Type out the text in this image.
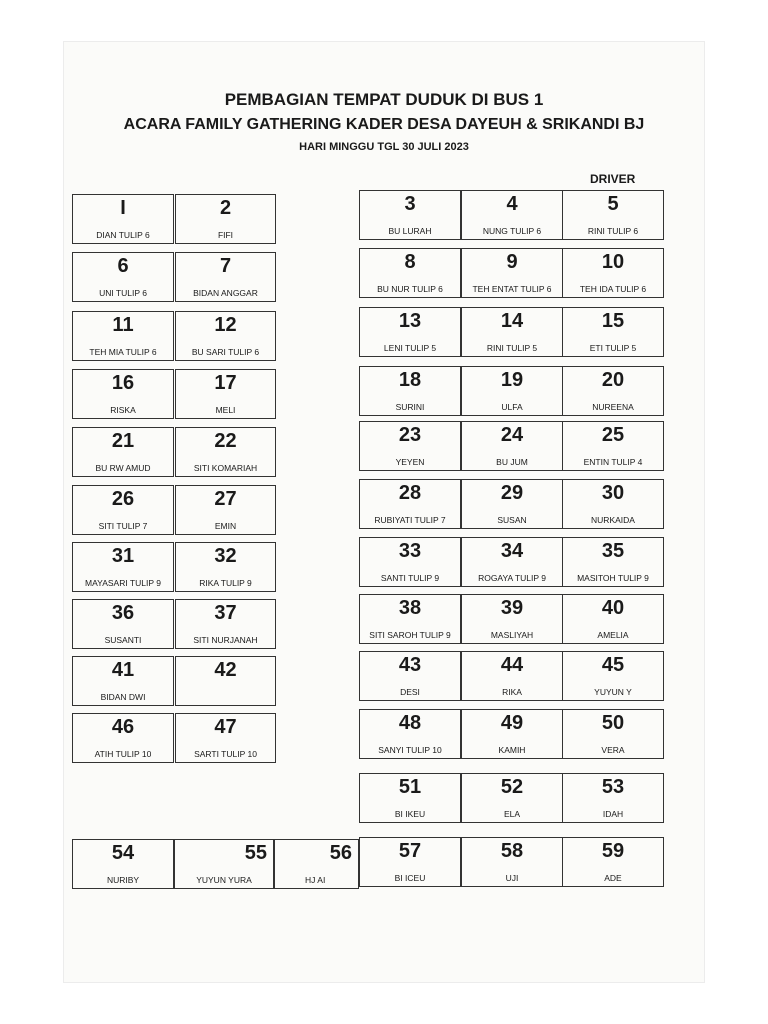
PEMBAGIAN TEMPAT DUDUK DI BUS 1
ACARA FAMILY GATHERING KADER DESA DAYEUH & SRIKANDI BJ
HARI MINGGU TGL 30 JULI 2023
DRIVER
I
DIAN TULIP 6
2
FIFI
3
BU LURAH
4
NUNG TULIP 6
5
RINI TULIP 6
6
UNI TULIP 6
7
BIDAN ANGGAR
8
BU NUR TULIP 6
9
TEH ENTAT TULIP 6
10
TEH IDA TULIP 6
11
TEH MIA TULIP 6
12
BU SARI TULIP 6
13
LENI TULIP 5
14
RINI TULIP 5
15
ETI TULIP 5
16
RISKA
17
MELI
18
SURINI
19
ULFA
20
NUREENA
21
BU RW AMUD
22
SITI KOMARIAH
23
YEYEN
24
BU JUM
25
ENTIN TULIP 4
26
SITI TULIP 7
27
EMIN
28
RUBIYATI TULIP 7
29
SUSAN
30
NURKAIDA
31
MAYASARI TULIP 9
32
RIKA TULIP 9
33
SANTI TULIP 9
34
ROGAYA TULIP 9
35
MASITOH TULIP 9
36
SUSANTI
37
SITI NURJANAH
38
SITI SAROH TULIP 9
39
MASLIYAH
40
AMELIA
41
BIDAN DWI
42	43
DESI
44
RIKA
45
YUYUN Y
46
ATIH TULIP 10
47
SARTI TULIP 10
48
SANYI TULIP 10
49
KAMIH
50
VERA
51
BI IKEU
52
ELA
53
IDAH
54
NURIBY
55
YUYUN YURA
56
HJ AI
57
BI ICEU
58
UJI
59
ADE
